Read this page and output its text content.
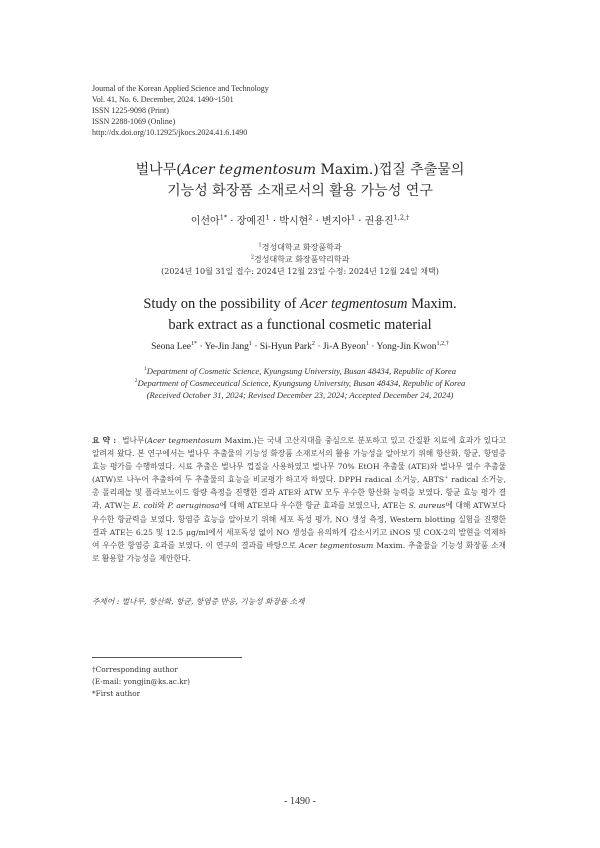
Journal of the Korean Applied Science and Technology
Vol. 41, No. 6. December, 2024. 1490~1501
ISSN 1225-9098 (Print)
ISSN 2288-1069 (Online)
http://dx.doi.org/10.12925/jkocs.2024.41.6.1490
벌나무(Acer tegmentosum Maxim.)껍질 추출물의
기능성 화장품 소재로서의 활용 가능성 연구
이선아$^{1*}$ · 장예진$^1$ · 박시현$^2$ · 변지아$^1$ · 권용진$^{1,2,\dagger}$
$^1$경성대학교 화장품학과
$^2$경성대학교 화장품약리학과
(2024년 10월 31일 접수: 2024년 12월 23일 수정: 2024년 12월 24일 채택)
Study on the possibility of Acer tegmentosum Maxim.
bark extract as a functional cosmetic material
Seona Lee$^{1*}$ · Ye-Jin Jang$^1$ · Si-Hyun Park$^2$ · Ji-A Byeon$^1$ · Yong-Jin Kwon$^{1,2,\dagger}$
$^1$Department of Cosmetic Science, Kyungsung University, Busan 48434, Republic of Korea
$^2$Department of Cosmeceutical Science, Kyungsung University, Busan 48434, Republic of Korea
(Received October 31, 2024; Revised December 23, 2024; Accepted December 24, 2024)
요 약 : 벌나무(Acer tegmentosum Maxim.)는 국내 고산지대를 중심으로 분포하고 있고 간질환 치료에 효과가 있다고 알려져 왔다. 본 연구에서는 벌나무 추출물의 기능성 화장품 소재로서의 활용 가능성을 알아보기 위해 항산화, 항균, 항염증 효능 평가를 수행하였다. 시료 추출은 벌나무 껍질을 사용하였고 벌나무 70% EtOH 추출물 (ATE)와 벌나무 열수 추출물 (ATW)로 나누어 추출하여 두 추출물의 효능을 비교평가 하고자 하였다. DPPH radical 소거능, ABTS+ radical 소거능, 총 폴리페놀 및 플라보노이드 함량 측정을 진행한 결과 ATE와 ATW 모두 우수한 항산화 능력을 보였다. 항균 효능 평가 결과, ATW는 E. coli와 P. aeruginosa에 대해 ATE보다 우수한 항균 효과를 보였으나, ATE는 S. aureus에 대해 ATW보다 우수한 항균력을 보였다. 항염증 효능을 알아보기 위해 세포 독성 평가, NO 생성 측정, Western blotting 실험을 진행한 결과 ATE는 6.25 및 12.5 μg/ml에서 세포독성 없이 NO 생성을 유의하게 감소시키고 iNOS 및 COX-2의 발현을 억제하여 우수한 항염증 효과를 보였다. 이 연구의 결과를 바탕으로 Acer tegmentosum Maxim. 추출물을 기능성 화장품 소재로 활용할 가능성을 제안한다.
주제어 : 벌나무, 항산화, 항균, 항염증 반응, 기능성 화장품 소재
†Corresponding author
(E-mail: yongjin@ks.ac.kr)
*First author
- 1490 -
